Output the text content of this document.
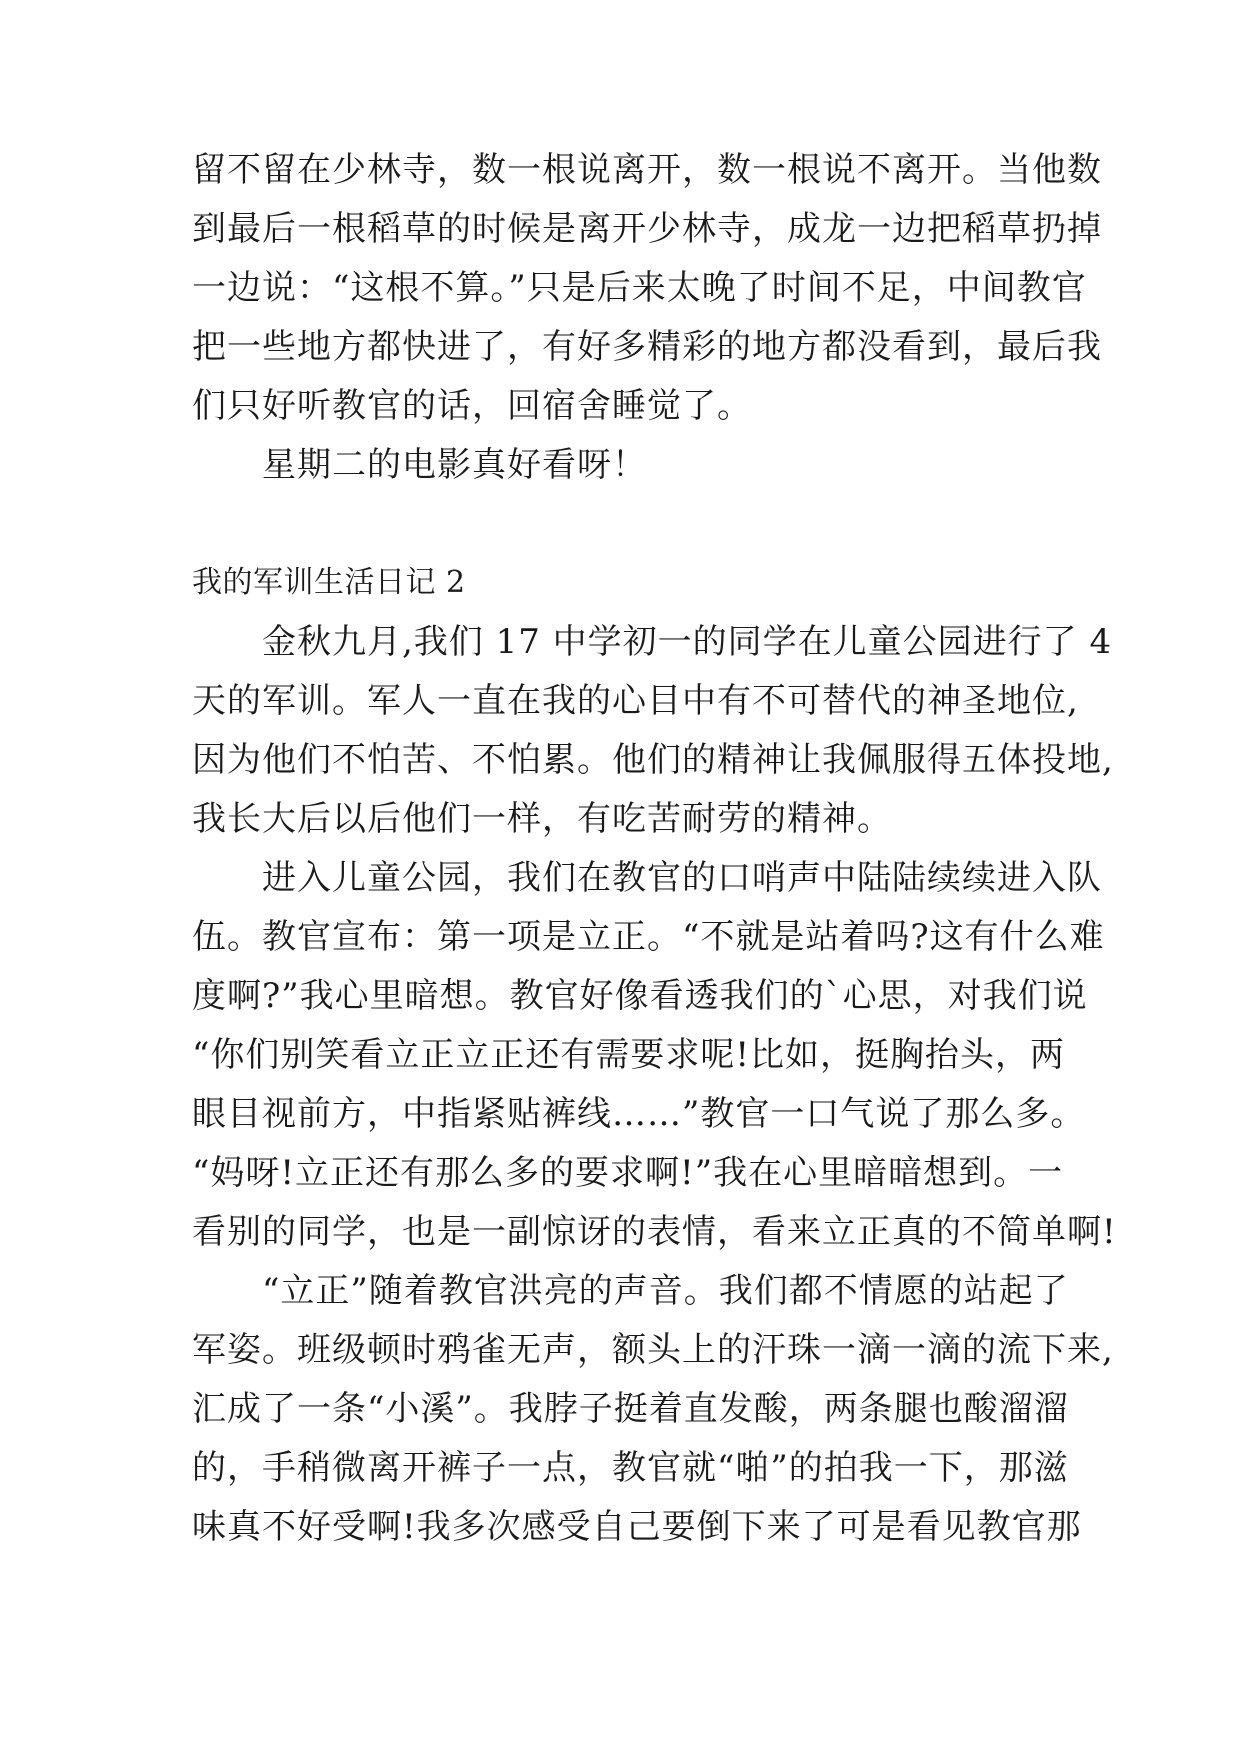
留不留在少林寺，数一根说离开，数一根说不离开。当他数
到最后一根稻草的时候是离开少林寺，成龙一边把稻草扔掉
一边说：“这根不算。”只是后来太晚了时间不足，中间教官
把一些地方都快进了，有好多精彩的地方都没看到，最后我
们只好听教官的话，回宿舍睡觉了。
　　星期二的电影真好看呀！
我的军训生活日记 2
　　金秋九月,我们 17 中学初一的同学在儿童公园进行了 4
天的军训。军人一直在我的心目中有不可替代的神圣地位,
因为他们不怕苦、不怕累。他们的精神让我佩服得五体投地,
我长大后以后他们一样，有吃苦耐劳的精神。
　　进入儿童公园，我们在教官的口哨声中陆陆续续进入队
伍。教官宣布：第一项是立正。“不就是站着吗?这有什么难
度啊?”我心里暗想。教官好像看透我们的`心思，对我们说
“你们别笑看立正立正还有需要求呢!比如，挺胸抬头，两
眼目视前方，中指紧贴裤线……”教官一口气说了那么多。
“妈呀!立正还有那么多的要求啊!”我在心里暗暗想到。一
看别的同学，也是一副惊讶的表情，看来立正真的不简单啊!
　　“立正”随着教官洪亮的声音。我们都不情愿的站起了
军姿。班级顿时鸦雀无声，额头上的汗珠一滴一滴的流下来,
汇成了一条“小溪”。我脖子挺着直发酸，两条腿也酸溜溜
的，手稍微离开裤子一点，教官就“啪”的拍我一下，那滋
味真不好受啊!我多次感受自己要倒下来了可是看见教官那
